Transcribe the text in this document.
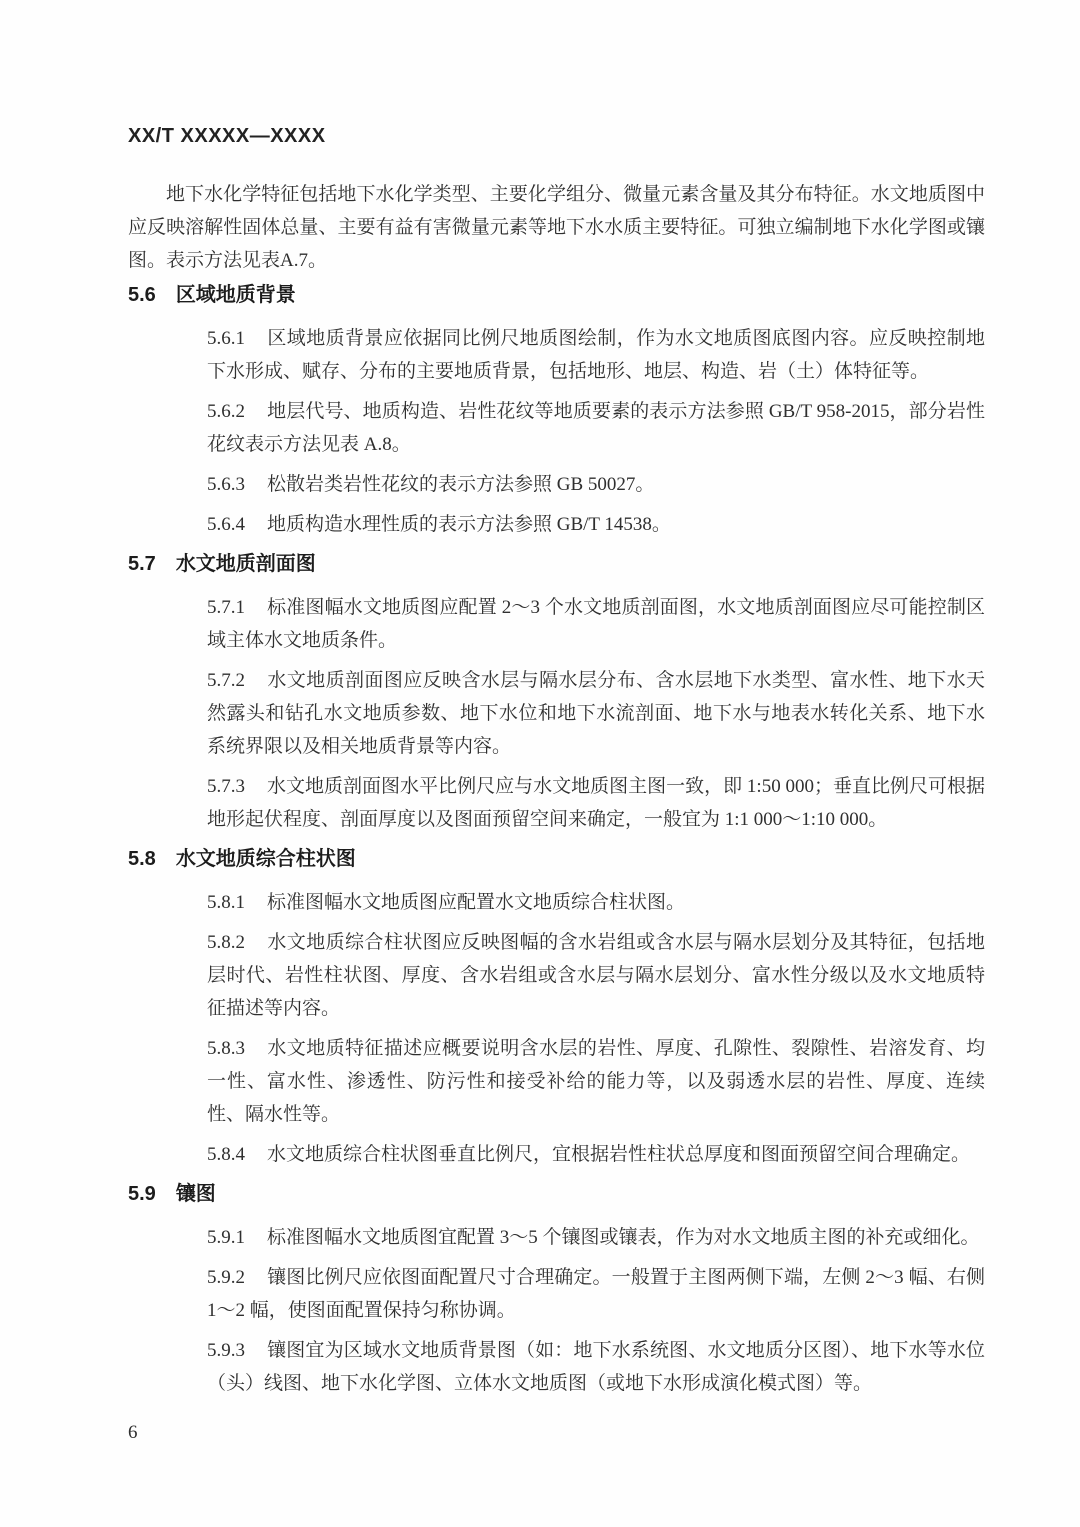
XX/T XXXXX—XXXX

地下水化学特征包括地下水化学类型、主要化学组分、微量元素含量及其分布特征。水文地质图中应反映溶解性固体总量、主要有益有害微量元素等地下水水质主要特征。可独立编制地下水化学图或镶图。表示方法见表A.7。

5.6 区域地质背景

5.6.1 区域地质背景应依据同比例尺地质图绘制，作为水文地质图底图内容。应反映控制地下水形成、赋存、分布的主要地质背景，包括地形、地层、构造、岩（土）体特征等。

5.6.2 地层代号、地质构造、岩性花纹等地质要素的表示方法参照 GB/T 958-2015，部分岩性花纹表示方法见表 A.8。

5.6.3 松散岩类岩性花纹的表示方法参照 GB 50027。

5.6.4 地质构造水理性质的表示方法参照 GB/T 14538。

5.7 水文地质剖面图

5.7.1 标准图幅水文地质图应配置 2～3 个水文地质剖面图，水文地质剖面图应尽可能控制区域主体水文地质条件。

5.7.2 水文地质剖面图应反映含水层与隔水层分布、含水层地下水类型、富水性、地下水天然露头和钻孔水文地质参数、地下水位和地下水流剖面、地下水与地表水转化关系、地下水系统界限以及相关地质背景等内容。

5.7.3 水文地质剖面图水平比例尺应与水文地质图主图一致，即 1:50 000；垂直比例尺可根据地形起伏程度、剖面厚度以及图面预留空间来确定，一般宜为 1:1 000～1:10 000。

5.8 水文地质综合柱状图

5.8.1 标准图幅水文地质图应配置水文地质综合柱状图。

5.8.2 水文地质综合柱状图应反映图幅的含水岩组或含水层与隔水层划分及其特征，包括地层时代、岩性柱状图、厚度、含水岩组或含水层与隔水层划分、富水性分级以及水文地质特征描述等内容。

5.8.3 水文地质特征描述应概要说明含水层的岩性、厚度、孔隙性、裂隙性、岩溶发育、均一性、富水性、渗透性、防污性和接受补给的能力等，以及弱透水层的岩性、厚度、连续性、隔水性等。

5.8.4 水文地质综合柱状图垂直比例尺，宜根据岩性柱状总厚度和图面预留空间合理确定。

5.9 镶图

5.9.1 标准图幅水文地质图宜配置 3～5 个镶图或镶表，作为对水文地质主图的补充或细化。

5.9.2 镶图比例尺应依图面配置尺寸合理确定。一般置于主图两侧下端，左侧 2～3 幅、右侧 1～2 幅，使图面配置保持匀称协调。

5.9.3 镶图宜为区域水文地质背景图（如：地下水系统图、水文地质分区图）、地下水等水位（头）线图、地下水化学图、立体水文地质图（或地下水形成演化模式图）等。

6
